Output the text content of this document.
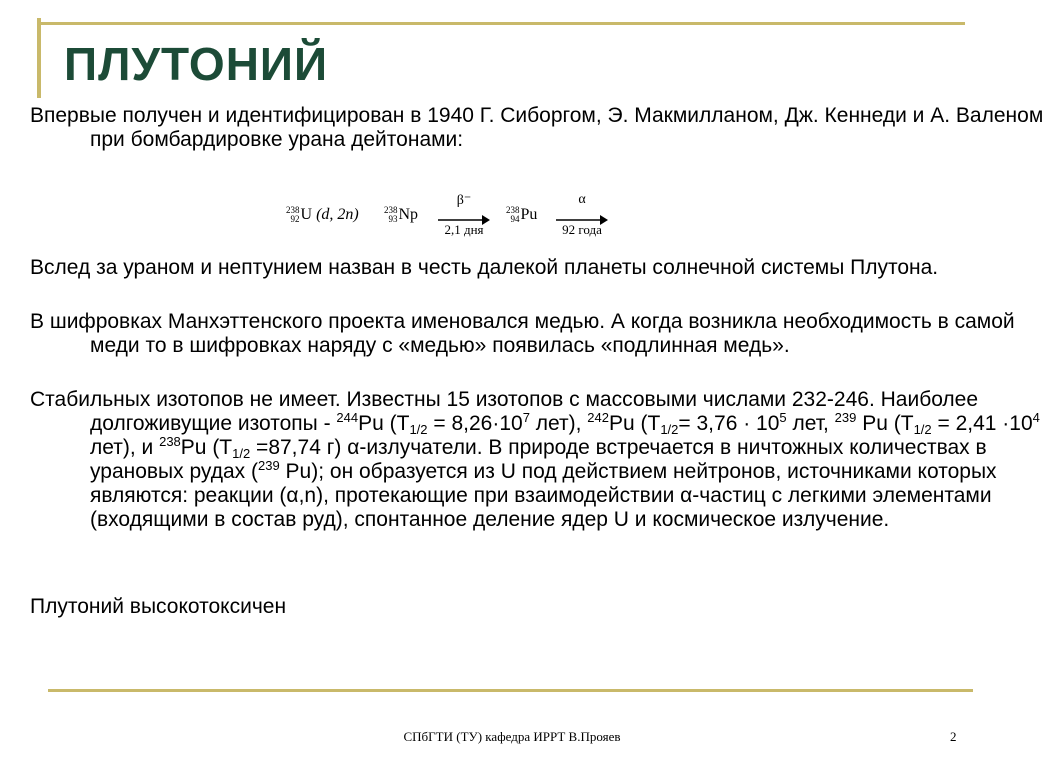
ПЛУТОНИЙ

Впервые получен и идентифицирован в 1940 Г. Сиборгом, Э. Макмилланом, Дж. Кеннеди и А. Валеном при бомбардировке урана дейтонами:

238
92 U (d, 2n)	238
93 Np
β⁻
2,1 дня
238
94 Pu
α
92 года

Вслед за ураном и нептунием назван в честь далекой планеты солнечной системы Плутона.

В шифровках Манхэттенского проекта именовался медью. А когда возникла необходимость в самой меди то в шифровках наряду с «медью» появилась «подлинная медь».

Стабильных изотопов не имеет. Известны 15 изотопов с массовыми числами 232-246. Наиболее долгоживущие изотопы - $^{244}$Pu ($T_{1/2} = 8,26\cdot 10^7$ лет), $^{242}$Pu ($T_{1/2}= 3,76 \cdot 10^5$ лет, $^{239}$ Pu ($T_{1/2} = 2,41 \cdot 10^4$ лет), и $^{238}$Pu ($T_{1/2} =87,74$ г) α-излучатели. В природе встречается в ничтожных количествах в урановых рудах ($^{239}$ Pu); он образуется из U под действием нейтронов, источниками которых являются: реакции (α,n), протекающие при взаимодействии α-частиц с легкими элементами (входящими в состав руд), спонтанное деление ядер U и космическое излучение.

Плутоний высокотоксичен

СПбГТИ (ТУ) кафедра ИРРТ В.Прояев	2
